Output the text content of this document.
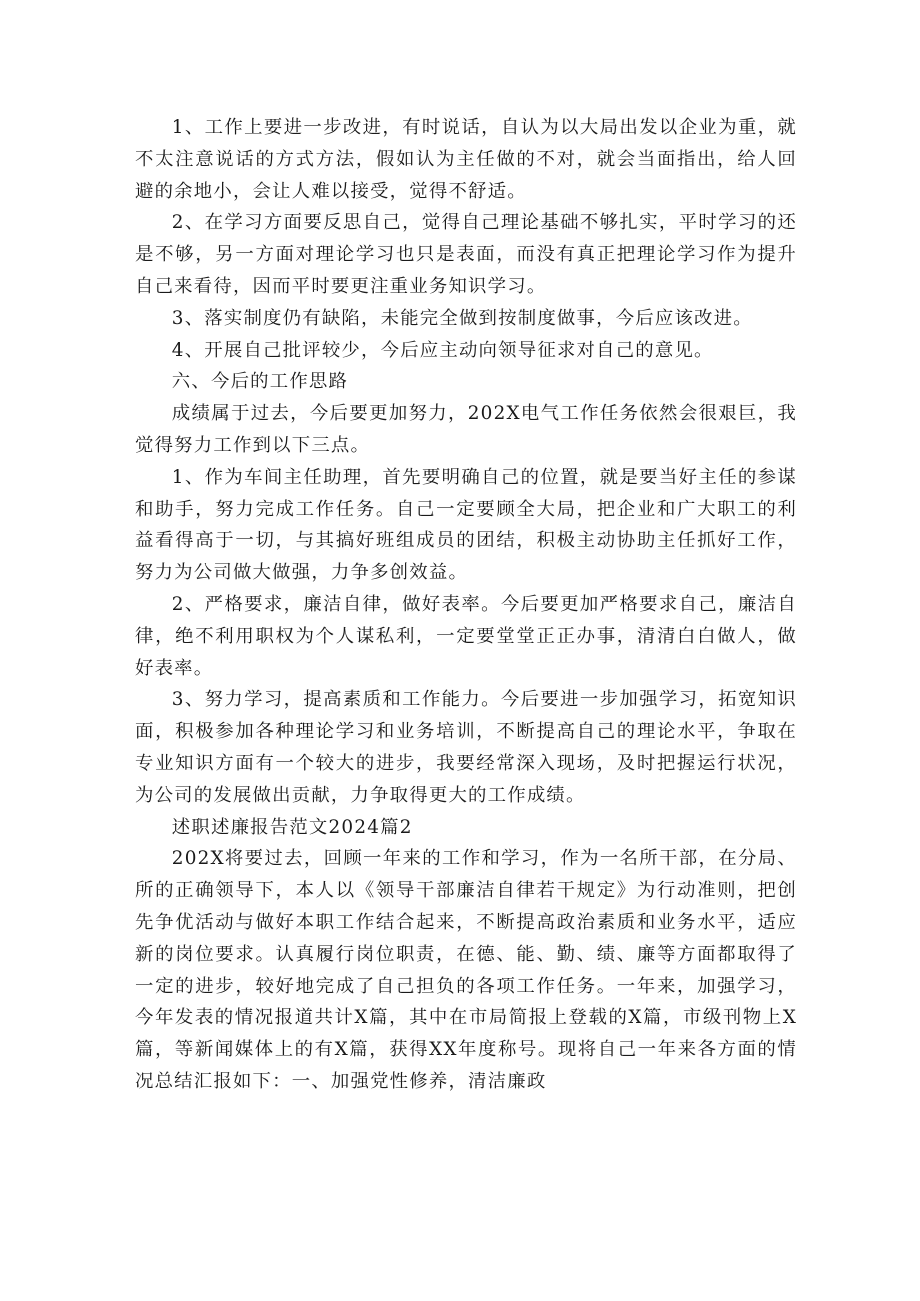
1、工作上要进一步改进，有时说话，自认为以大局出发以企业为重，就不太注意说话的方式方法，假如认为主任做的不对，就会当面指出，给人回避的余地小，会让人难以接受，觉得不舒适。

2、在学习方面要反思自己，觉得自己理论基础不够扎实，平时学习的还是不够，另一方面对理论学习也只是表面，而没有真正把理论学习作为提升自己来看待，因而平时要更注重业务知识学习。

3、落实制度仍有缺陷，未能完全做到按制度做事，今后应该改进。

4、开展自己批评较少，今后应主动向领导征求对自己的意见。

六、今后的工作思路

成绩属于过去，今后要更加努力，202X电气工作任务依然会很艰巨，我觉得努力工作到以下三点。

1、作为车间主任助理，首先要明确自己的位置，就是要当好主任的参谋和助手，努力完成工作任务。自己一定要顾全大局，把企业和广大职工的利益看得高于一切，与其搞好班组成员的团结，积极主动协助主任抓好工作，努力为公司做大做强，力争多创效益。

2、严格要求，廉洁自律，做好表率。今后要更加严格要求自己，廉洁自律，绝不利用职权为个人谋私利，一定要堂堂正正办事，清清白白做人，做好表率。

3、努力学习，提高素质和工作能力。今后要进一步加强学习，拓宽知识面，积极参加各种理论学习和业务培训，不断提高自己的理论水平，争取在专业知识方面有一个较大的进步，我要经常深入现场，及时把握运行状况，为公司的发展做出贡献，力争取得更大的工作成绩。

述职述廉报告范文2024篇2

202X将要过去，回顾一年来的工作和学习，作为一名所干部，在分局、所的正确领导下，本人以《领导干部廉洁自律若干规定》为行动准则，把创先争优活动与做好本职工作结合起来，不断提高政治素质和业务水平，适应新的岗位要求。认真履行岗位职责，在德、能、勤、绩、廉等方面都取得了一定的进步，较好地完成了自己担负的各项工作任务。一年来，加强学习，今年发表的情况报道共计X篇，其中在市局简报上登载的X篇，市级刊物上X篇，等新闻媒体上的有X篇，获得XX年度称号。现将自己一年来各方面的情况总结汇报如下：一、加强党性修养，清洁廉政
